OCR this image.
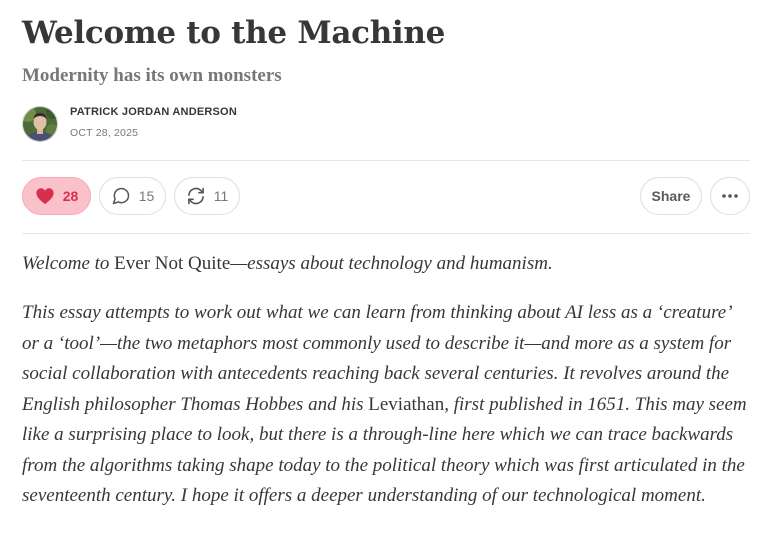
Welcome to the Machine
Modernity has its own monsters
PATRICK JORDAN ANDERSON
OCT 28, 2025
28	15	11	Share

Welcome to Ever Not Quite—essays about technology and humanism.

This essay attempts to work out what we can learn from thinking about AI less as a ‘creature’ or a ‘tool’—the two metaphors most commonly used to describe it—and more as a system for social collaboration with antecedents reaching back several centuries. It revolves around the English philosopher Thomas Hobbes and his Leviathan, first published in 1651. This may seem like a surprising place to look, but there is a through-line here which we can trace backwards from the algorithms taking shape today to the political theory which was first articulated in the seventeenth century. I hope it offers a deeper understanding of our technological moment.
